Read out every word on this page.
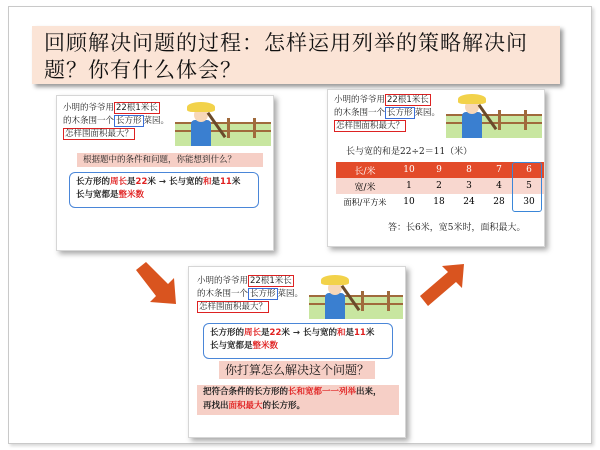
回顾解决问题的过程：怎样运用列举的策略解决问题？你有什么体会？
小明的爷爷用 22根1米长
的木条围一个 长方形 菜园。
怎样围面积最大？
根据题中的条件和问题，你能想到什么？
长方形的周长是22米 → 长与宽的和是11米
长与宽都是整米数
小明的爷爷用 22根1米长
的木条围一个 长方形 菜园。
怎样围面积最大？
长与宽的和是22÷2＝11（米）
长/米	10	9	8	7	6
宽/米	1	2	3	4	5
面积/平方米	10	18	24	28	30
答：长6米，宽5米时，面积最大。
小明的爷爷用 22根1米长
的木条围一个 长方形 菜园。
怎样围面积最大？
长方形的周长是22米 → 长与宽的和是11米
长与宽都是整米数
你打算怎么解决这个问题？
把符合条件的长方形的长和宽都一一列举出来，
再找出面积最大的长方形。
